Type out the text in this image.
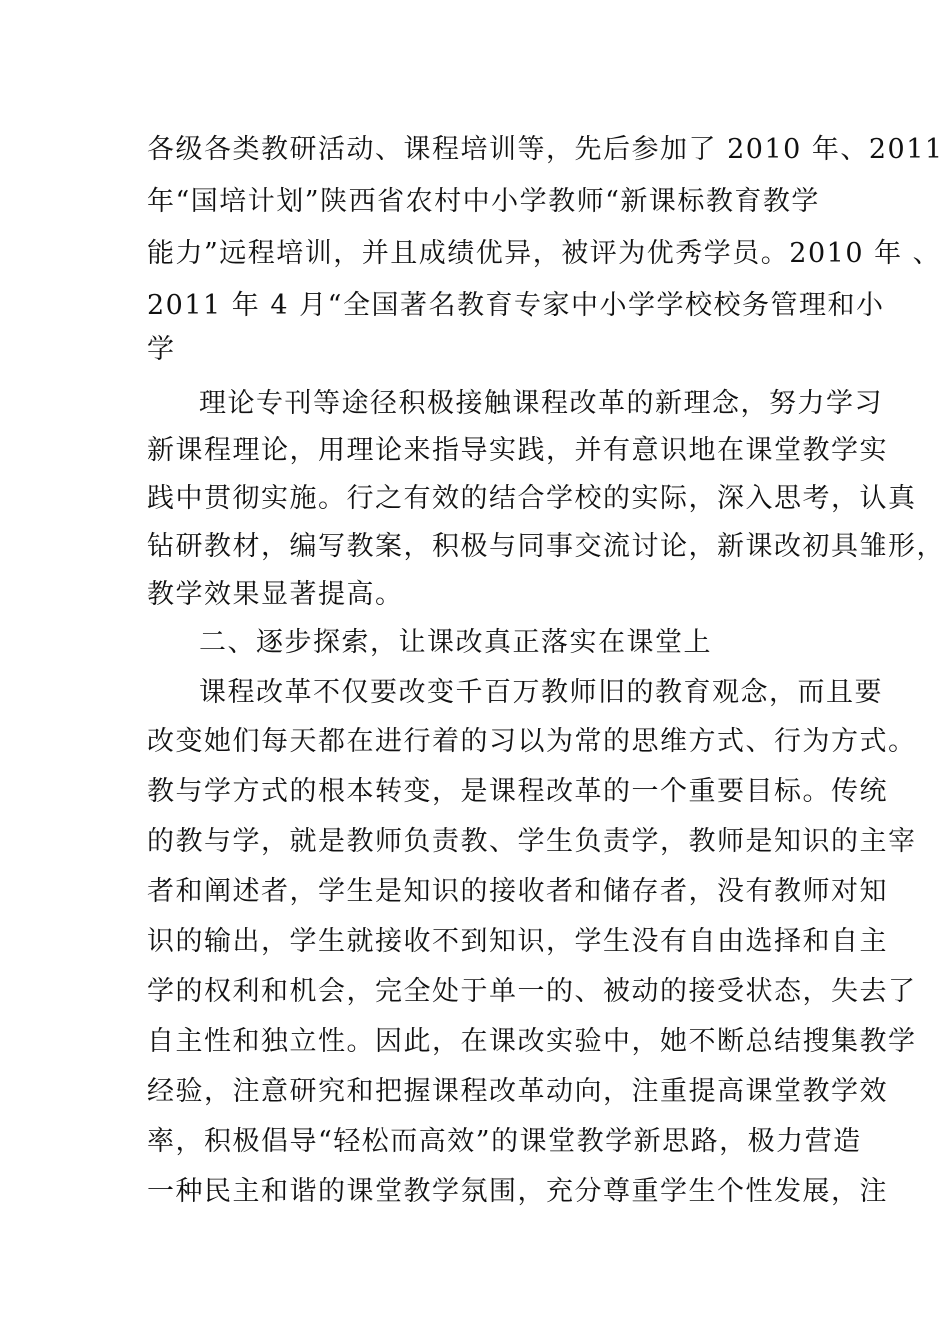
各级各类教研活动、课程培训等，先后参加了 2010 年、2011
年“国培计划”陕西省农村中小学教师“新课标教育教学
能力”远程培训，并且成绩优异，被评为优秀学员。2010 年 、
2011 年 4 月“全国著名教育专家中小学学校校务管理和小
学
理论专刊等途径积极接触课程改革的新理念，努力学习
新课程理论，用理论来指导实践，并有意识地在课堂教学实
践中贯彻实施。行之有效的结合学校的实际，深入思考，认真
钻研教材，编写教案，积极与同事交流讨论，新课改初具雏形，
教学效果显著提高。
二、逐步探索，让课改真正落实在课堂上
课程改革不仅要改变千百万教师旧的教育观念，而且要
改变她们每天都在进行着的习以为常的思维方式、行为方式。
教与学方式的根本转变，是课程改革的一个重要目标。传统
的教与学，就是教师负责教、学生负责学，教师是知识的主宰
者和阐述者，学生是知识的接收者和储存者，没有教师对知
识的输出，学生就接收不到知识，学生没有自由选择和自主
学的权利和机会，完全处于单一的、被动的接受状态，失去了
自主性和独立性。因此，在课改实验中，她不断总结搜集教学
经验，注意研究和把握课程改革动向，注重提高课堂教学效
率，积极倡导“轻松而高效”的课堂教学新思路，极力营造
一种民主和谐的课堂教学氛围，充分尊重学生个性发展，注
